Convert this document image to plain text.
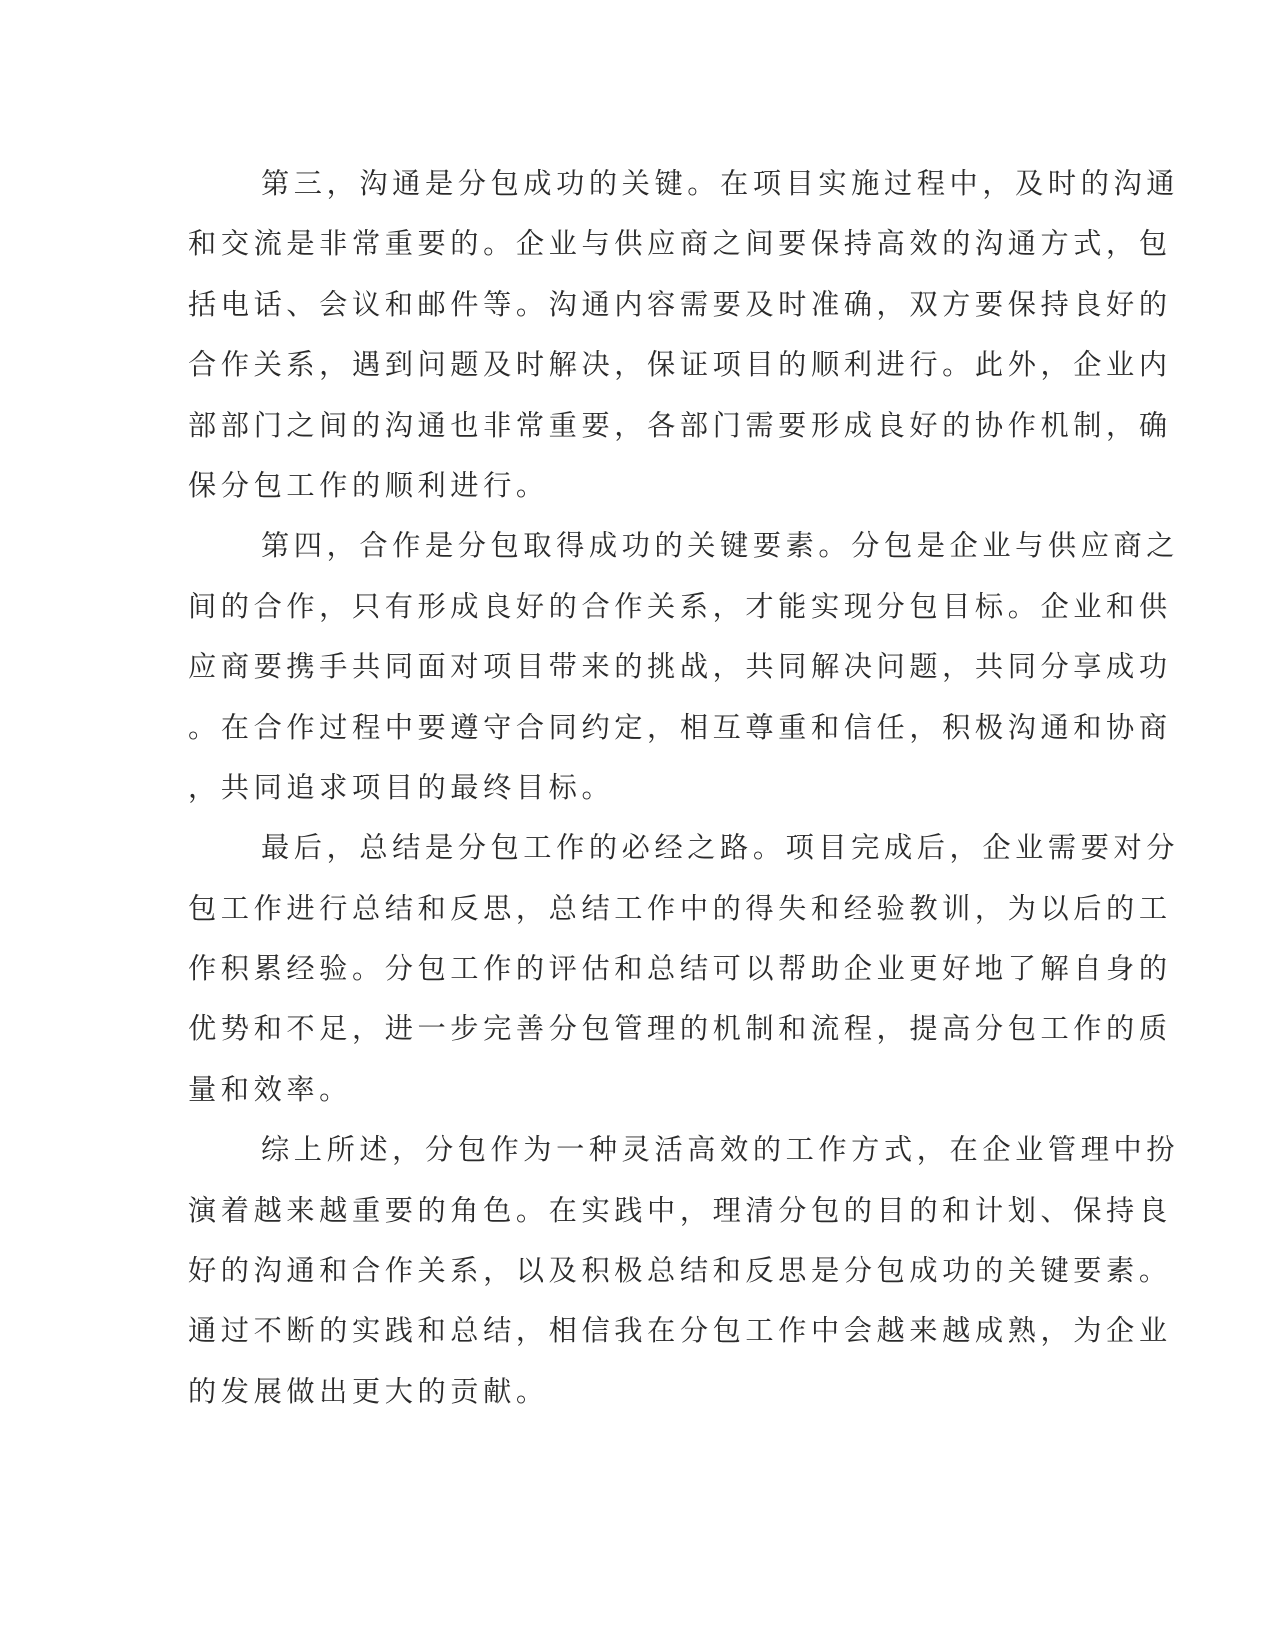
第三，沟通是分包成功的关键。在项目实施过程中，及时的沟通
和交流是非常重要的。企业与供应商之间要保持高效的沟通方式，包
括电话、会议和邮件等。沟通内容需要及时准确，双方要保持良好的
合作关系，遇到问题及时解决，保证项目的顺利进行。此外，企业内
部部门之间的沟通也非常重要，各部门需要形成良好的协作机制，确
保分包工作的顺利进行。
第四，合作是分包取得成功的关键要素。分包是企业与供应商之
间的合作，只有形成良好的合作关系，才能实现分包目标。企业和供
应商要携手共同面对项目带来的挑战，共同解决问题，共同分享成功
。在合作过程中要遵守合同约定，相互尊重和信任，积极沟通和协商
，共同追求项目的最终目标。
最后，总结是分包工作的必经之路。项目完成后，企业需要对分
包工作进行总结和反思，总结工作中的得失和经验教训，为以后的工
作积累经验。分包工作的评估和总结可以帮助企业更好地了解自身的
优势和不足，进一步完善分包管理的机制和流程，提高分包工作的质
量和效率。
综上所述，分包作为一种灵活高效的工作方式，在企业管理中扮
演着越来越重要的角色。在实践中，理清分包的目的和计划、保持良
好的沟通和合作关系，以及积极总结和反思是分包成功的关键要素。
通过不断的实践和总结，相信我在分包工作中会越来越成熟，为企业
的发展做出更大的贡献。
